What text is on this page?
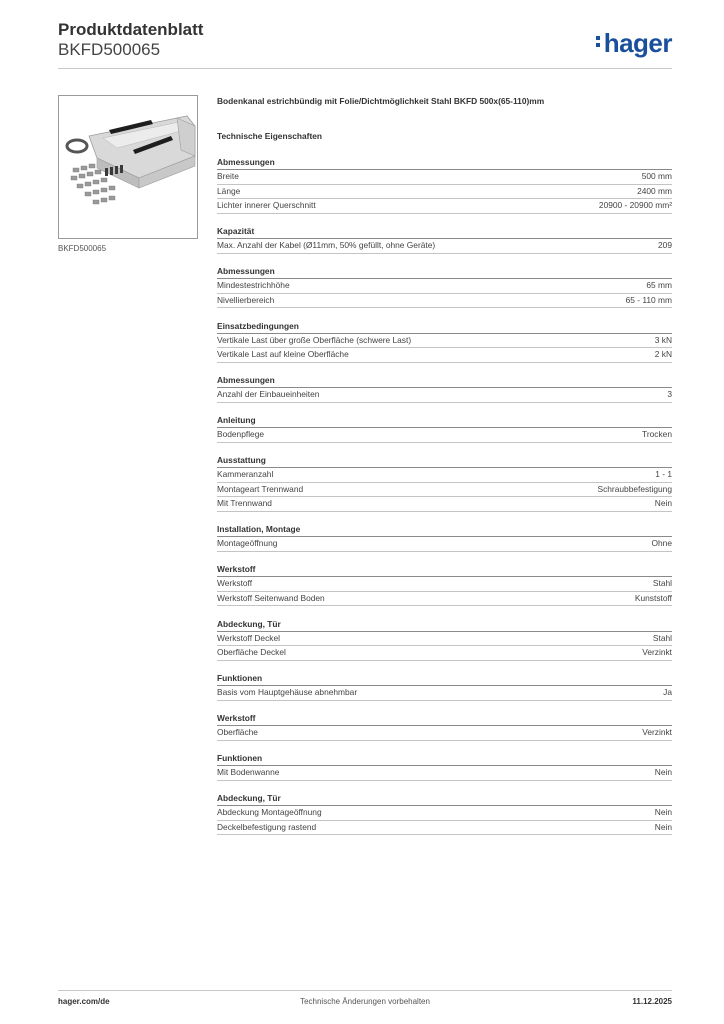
Produktdatenblatt
BKFD500065	hager
BKFD500065
Bodenkanal estrichbündig mit Folie/Dichtmöglichkeit Stahl BKFD 500x(65-110)mm
Technische Eigenschaften
Abmessungen
Breite	500 mm
Länge	2400 mm
Lichter innerer Querschnitt	20900 - 20900 mm²
Kapazität
Max. Anzahl der Kabel (Ø11mm, 50% gefüllt, ohne Geräte)	209
Abmessungen
Mindestestrichhöhe	65 mm
Nivellierbereich	65 - 110 mm
Einsatzbedingungen
Vertikale Last über große Oberfläche (schwere Last)	3 kN
Vertikale Last auf kleine Oberfläche	2 kN
Abmessungen
Anzahl der Einbaueinheiten	3
Anleitung
Bodenpflege	Trocken
Ausstattung
Kammeranzahl	1 - 1
Montageart Trennwand	Schraubbefestigung
Mit Trennwand	Nein
Installation, Montage
Montageöffnung	Ohne
Werkstoff
Werkstoff	Stahl
Werkstoff Seitenwand Boden	Kunststoff
Abdeckung, Tür
Werkstoff Deckel	Stahl
Oberfläche Deckel	Verzinkt
Funktionen
Basis vom Hauptgehäuse abnehmbar	Ja
Werkstoff
Oberfläche	Verzinkt
Funktionen
Mit Bodenwanne	Nein
Abdeckung, Tür
Abdeckung Montageöffnung	Nein
Deckelbefestigung rastend	Nein
hager.com/de	Technische Änderungen vorbehalten	11.12.2025
